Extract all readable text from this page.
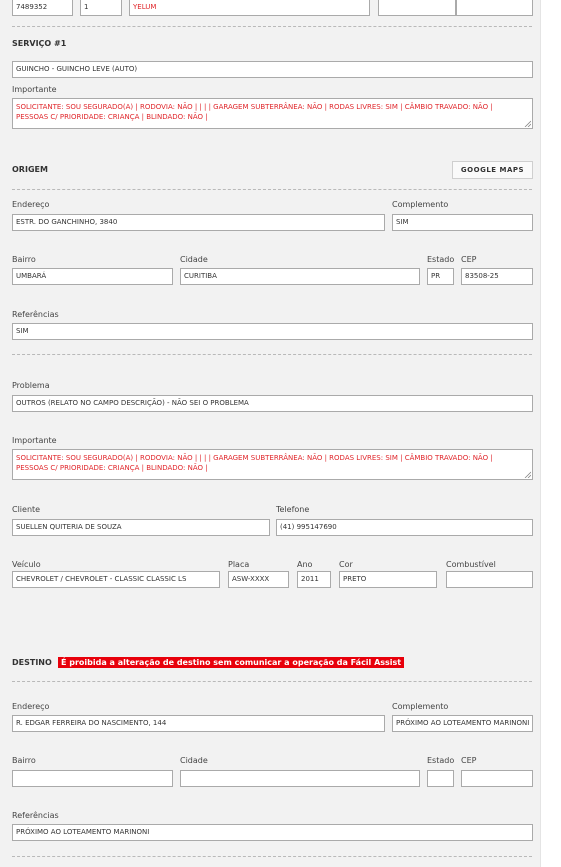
7489352	1	YELUM
SERVIÇO #1
GUINCHO - GUINCHO LEVE (AUTO)
Importante
SOLICITANTE: SOU SEGURADO(A) | RODOVIA: NÃO | | | | GARAGEM SUBTERRÂNEA: NÃO | RODAS LIVRES: SIM | CÂMBIO TRAVADO: NÃO |
PESSOAS C/ PRIORIDADE: CRIANÇA | BLINDADO: NÃO |
ORIGEM	GOOGLE MAPS
Endereço
ESTR. DO GANCHINHO, 3840
Complemento
SIM
Bairro
UMBARÁ
Cidade
CURITIBA
Estado
PR
CEP
83508-25
Referências
SIM
Problema
OUTROS (RELATO NO CAMPO DESCRIÇÃO) - NÃO SEI O PROBLEMA
Importante
SOLICITANTE: SOU SEGURADO(A) | RODOVIA: NÃO | | | | GARAGEM SUBTERRÂNEA: NÃO | RODAS LIVRES: SIM | CÂMBIO TRAVADO: NÃO |
PESSOAS C/ PRIORIDADE: CRIANÇA | BLINDADO: NÃO |
Cliente
SUELLEN QUITERIA DE SOUZA
Telefone
(41) 995147690
Veículo
CHEVROLET / CHEVROLET - CLASSIC CLASSIC LS
Placa
ASW-XXXX
Ano
2011
Cor
PRETO
Combustível
DESTINO	É proibida a alteração de destino sem comunicar a operação da Fácil Assist
Endereço
R. EDGAR FERREIRA DO NASCIMENTO, 144
Complemento
PRÓXIMO AO LOTEAMENTO MARINONI
Bairro	Cidade	Estado CEP
Referências
PRÓXIMO AO LOTEAMENTO MARINONI
